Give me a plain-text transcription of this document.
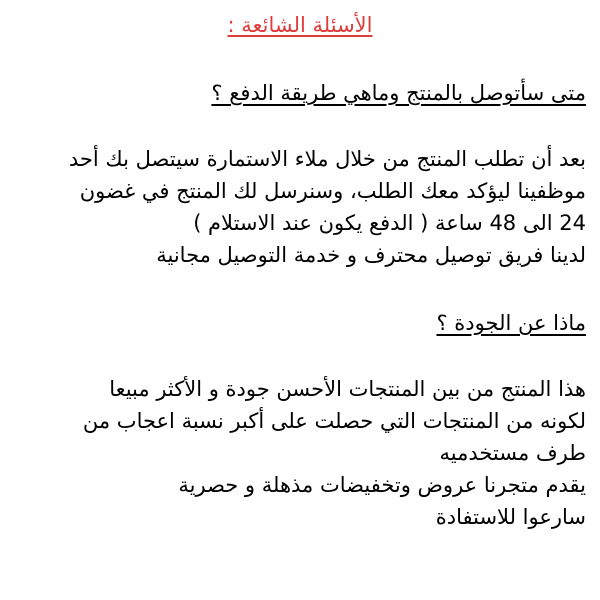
الأسئلة الشائعة :
متى سأتوصل بالمنتج وماهي طريقة الدفع ؟
بعد أن تطلب المنتج من خلال ملاء الاستمارة سيتصل بك أحد
موظفينا ليؤكد معك الطلب، وسنرسل لك المنتج في غضون
24 الى 48 ساعة ( الدفع يكون عند الاستلام )
لدينا فريق توصيل محترف و خدمة التوصيل مجانية
ماذا عن الجودة ؟
هذا المنتج من بين المنتجات الأحسن جودة و الأكثر مبيعا
لكونه من المنتجات التي حصلت على أكبر نسبة اعجاب من
طرف مستخدميه
يقدم متجرنا عروض وتخفيضات مذهلة و حصرية
سارعوا للاستفادة
